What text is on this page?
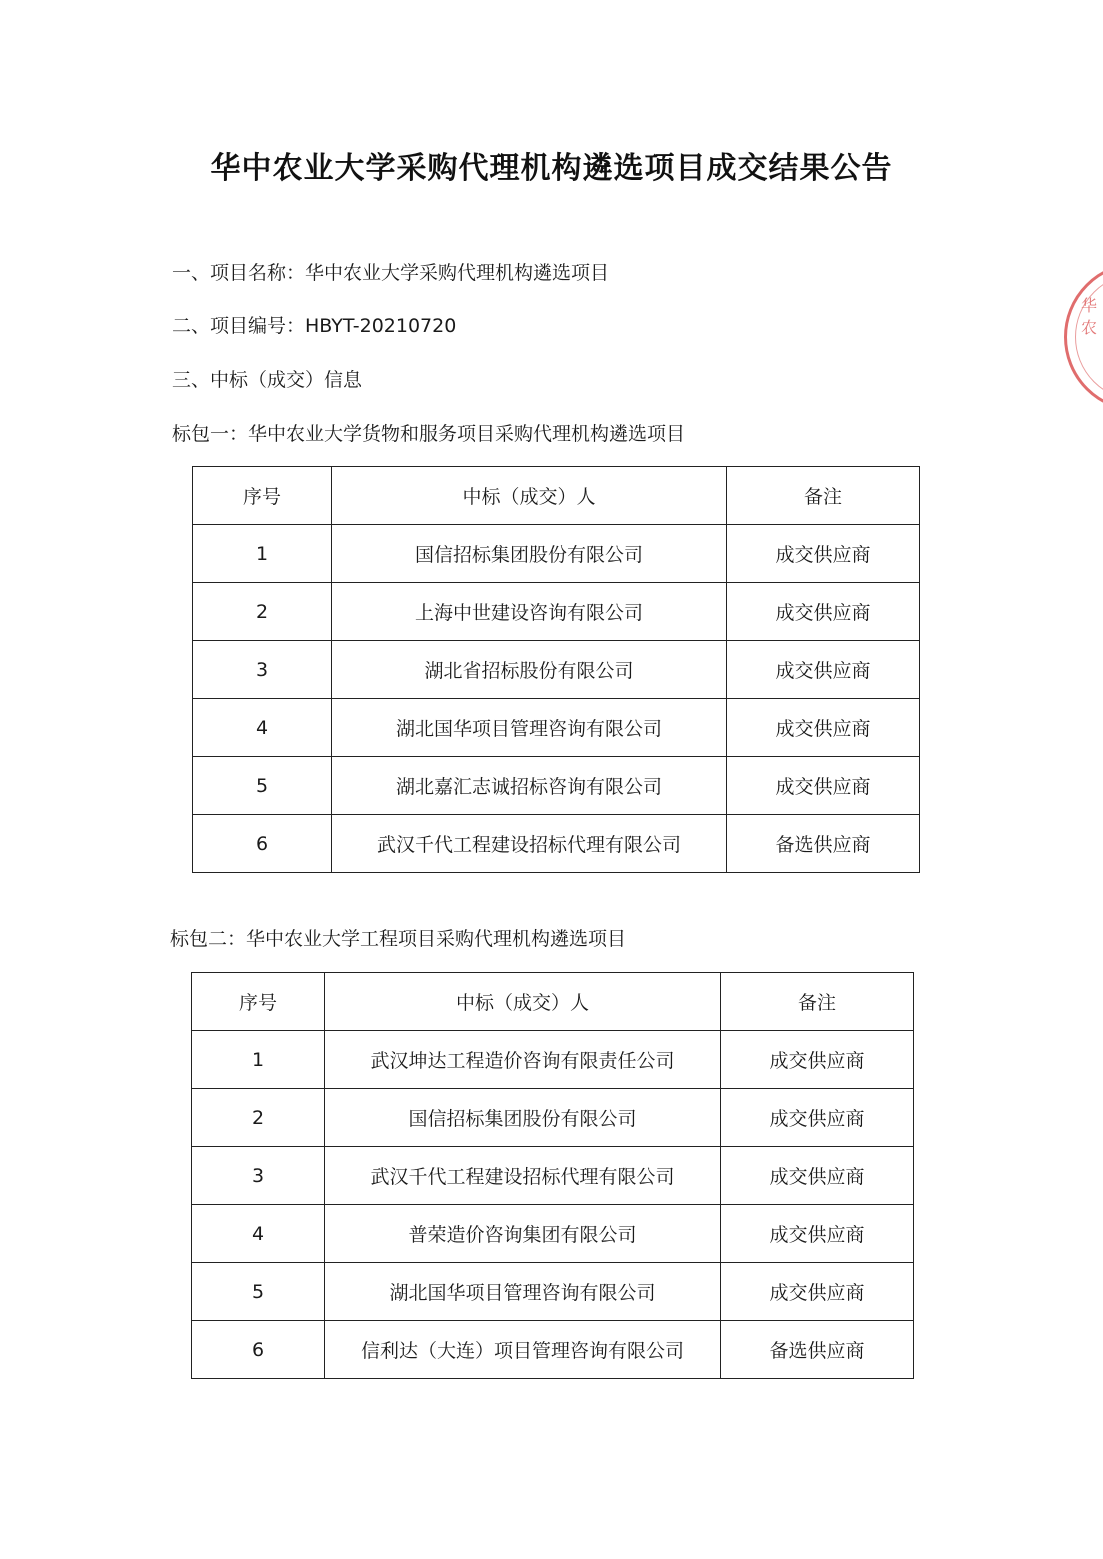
华中农业大学采购代理机构遴选项目成交结果公告
一、项目名称：华中农业大学采购代理机构遴选项目
二、项目编号：HBYT-20210720
三、中标（成交）信息
标包一：华中农业大学货物和服务项目采购代理机构遴选项目
序号	中标（成交）人	备注
1	国信招标集团股份有限公司	成交供应商
2	上海中世建设咨询有限公司	成交供应商
3	湖北省招标股份有限公司	成交供应商
4	湖北国华项目管理咨询有限公司	成交供应商
5	湖北嘉汇志诚招标咨询有限公司	成交供应商
6	武汉千代工程建设招标代理有限公司	备选供应商
标包二：华中农业大学工程项目采购代理机构遴选项目
序号	中标（成交）人	备注
1	武汉坤达工程造价咨询有限责任公司	成交供应商
2	国信招标集团股份有限公司	成交供应商
3	武汉千代工程建设招标代理有限公司	成交供应商
4	普荣造价咨询集团有限公司	成交供应商
5	湖北国华项目管理咨询有限公司	成交供应商
6	信利达（大连）项目管理咨询有限公司	备选供应商
华农
